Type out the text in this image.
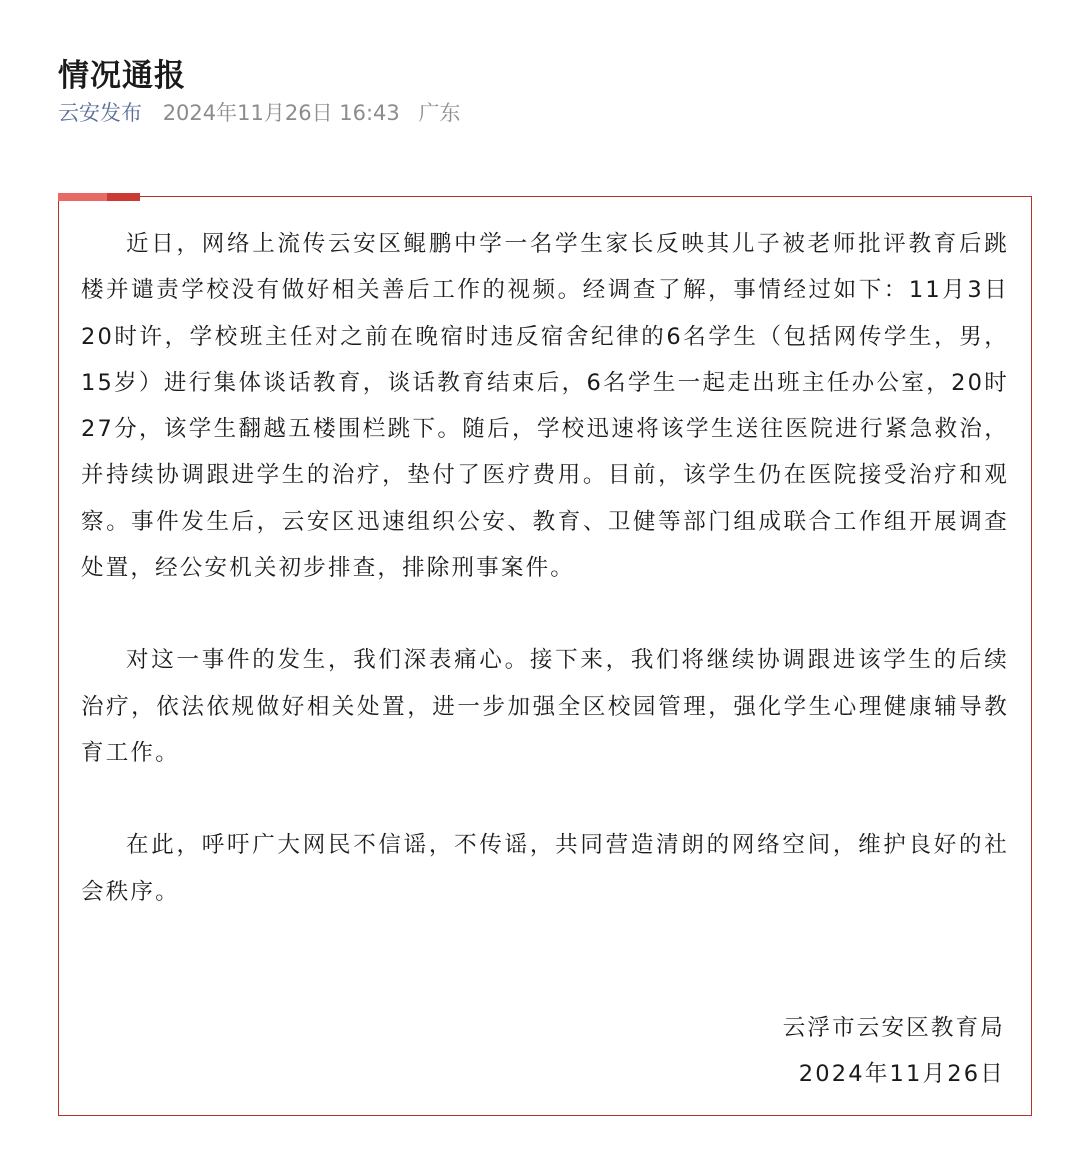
情况通报
云安发布 2024年11月26日 16:43 广东

近日，网络上流传云安区鲲鹏中学一名学生家长反映其儿子被老师批评教育后跳楼并谴责学校没有做好相关善后工作的视频。经调查了解，事情经过如下：11月3日20时许，学校班主任对之前在晚宿时违反宿舍纪律的6名学生（包括网传学生，男，15岁）进行集体谈话教育，谈话教育结束后，6名学生一起走出班主任办公室，20时27分，该学生翻越五楼围栏跳下。随后，学校迅速将该学生送往医院进行紧急救治，并持续协调跟进学生的治疗，垫付了医疗费用。目前，该学生仍在医院接受治疗和观察。事件发生后，云安区迅速组织公安、教育、卫健等部门组成联合工作组开展调查处置，经公安机关初步排查，排除刑事案件。

对这一事件的发生，我们深表痛心。接下来，我们将继续协调跟进该学生的后续治疗，依法依规做好相关处置，进一步加强全区校园管理，强化学生心理健康辅导教育工作。

在此，呼吁广大网民不信谣，不传谣，共同营造清朗的网络空间，维护良好的社会秩序。

云浮市云安区教育局
2024年11月26日
